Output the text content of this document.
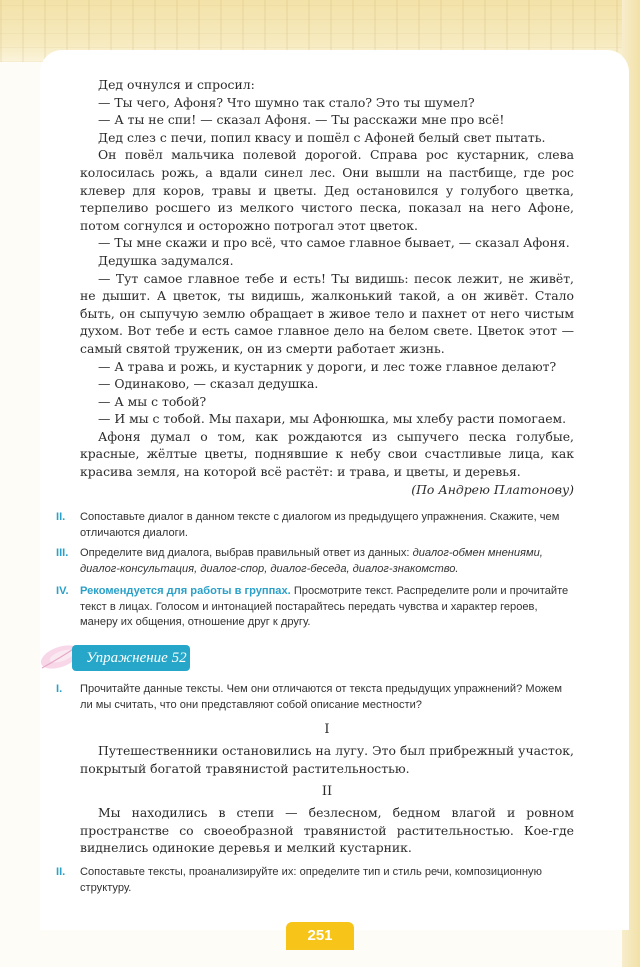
Дед очнулся и спросил:

— Ты чего, Афоня? Что шумно так стало? Это ты шумел?

— А ты не спи! — сказал Афоня. — Ты расскажи мне про всё!

Дед слез с печи, попил квасу и пошёл с Афоней белый свет пытать.

Он повёл мальчика полевой дорогой. Справа рос кустарник, слева колосилась рожь, а вдали синел лес. Они вышли на пастбище, где рос клевер для коров, травы и цветы. Дед остановился у голубого цветка, терпеливо росшего из мелкого чистого песка, показал на него Афоне, потом согнулся и осторожно потрогал этот цветок.

— Ты мне скажи и про всё, что самое главное бывает, — сказал Афоня.

Дедушка задумался.

— Тут самое главное тебе и есть! Ты видишь: песок лежит, не живёт, не дышит. А цветок, ты видишь, жалконький такой, а он живёт. Стало быть, он сыпучую землю обращает в живое тело и пахнет от него чистым духом. Вот тебе и есть самое главное дело на белом свете. Цветок этот — самый святой труженик, он из смерти работает жизнь.

— А трава и рожь, и кустарник у дороги, и лес тоже главное делают?

— Одинаково, — сказал дедушка.

— А мы с тобой?

— И мы с тобой. Мы пахари, мы Афонюшка, мы хлебу расти помогаем.

Афоня думал о том, как рождаются из сыпучего песка голубые, красные, жёлтые цветы, поднявшие к небу свои счастливые лица, как красива земля, на которой всё растёт: и трава, и цветы, и деревья.

(По Андрею Платонову)

II. Сопоставьте диалог в данном тексте с диалогом из предыдущего упражнения. Скажите, чем отличаются диалоги.
III. Определите вид диалога, выбрав правильный ответ из данных: диалог-обмен мнениями, диалог-консультация, диалог-спор, диалог-беседа, диалог-знакомство.
IV. Рекомендуется для работы в группах. Просмотрите текст. Распределите роли и прочитайте текст в лицах. Голосом и интонацией постарайтесь передать чувства и характер героев, манеру их общения, отношение друг к другу.
Упражнение 52
I. Прочитайте данные тексты. Чем они отличаются от текста предыдущих упражнений? Можем ли мы считать, что они представляют собой описание местности?
I

Путешественники остановились на лугу. Это был прибрежный участок, покрытый богатой травянистой растительностью.

II

Мы находились в степи — безлесном, бедном влагой и ровном пространстве со своеобразной травянистой растительностью. Кое-где виднелись одинокие деревья и мелкий кустарник.

II. Сопоставьте тексты, проанализируйте их: определите тип и стиль речи, композиционную структуру.
251
